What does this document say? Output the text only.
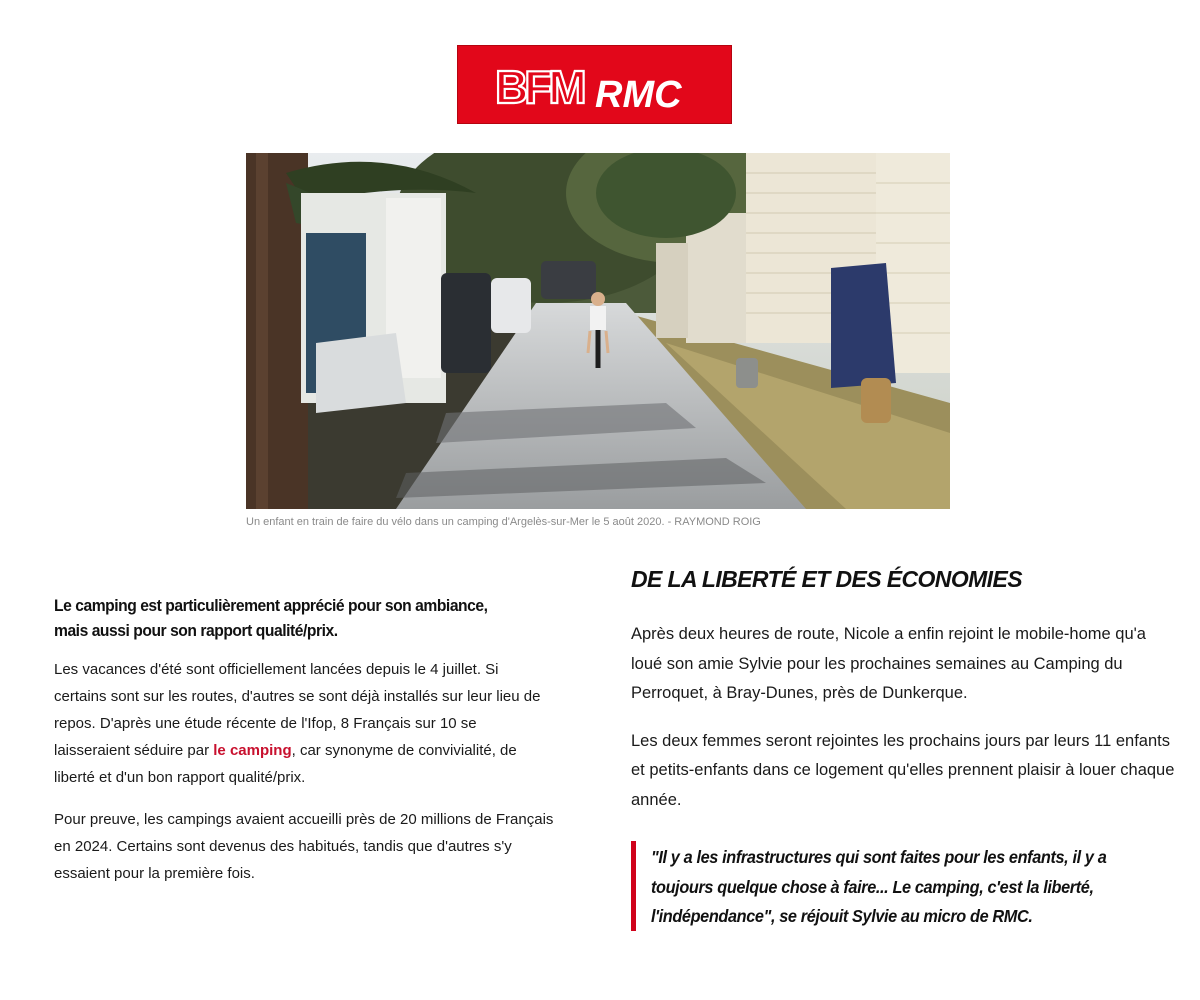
BFM RMC
Un enfant en train de faire du vélo dans un camping d'Argelès-sur-Mer le 5 août 2020. - RAYMOND ROIG
Le camping est particulièrement apprécié pour son ambiance,
mais aussi pour son rapport qualité/prix.

Les vacances d'été sont officiellement lancées depuis le 4 juillet. Si certains sont sur les routes, d'autres se sont déjà installés sur leur lieu de repos. D'après une étude récente de l'Ifop, 8 Français sur 10 se laisseraient séduire par le camping, car synonyme de convivialité, de liberté et d'un bon rapport qualité/prix.

Pour preuve, les campings avaient accueilli près de 20 millions de Français en 2024. Certains sont devenus des habitués, tandis que d'autres s'y essaient pour la première fois.

DE LA LIBERTÉ ET DES ÉCONOMIES

Après deux heures de route, Nicole a enfin rejoint le mobile-home qu'a loué son amie Sylvie pour les prochaines semaines au Camping du Perroquet, à Bray-Dunes, près de Dunkerque.

Les deux femmes seront rejointes les prochains jours par leurs 11 enfants et petits-enfants dans ce logement qu'elles prennent plaisir à louer chaque année.

"Il y a les infrastructures qui sont faites pour les enfants, il y a toujours quelque chose à faire... Le camping, c'est la liberté, l'indépendance", se réjouit Sylvie au micro de RMC.
